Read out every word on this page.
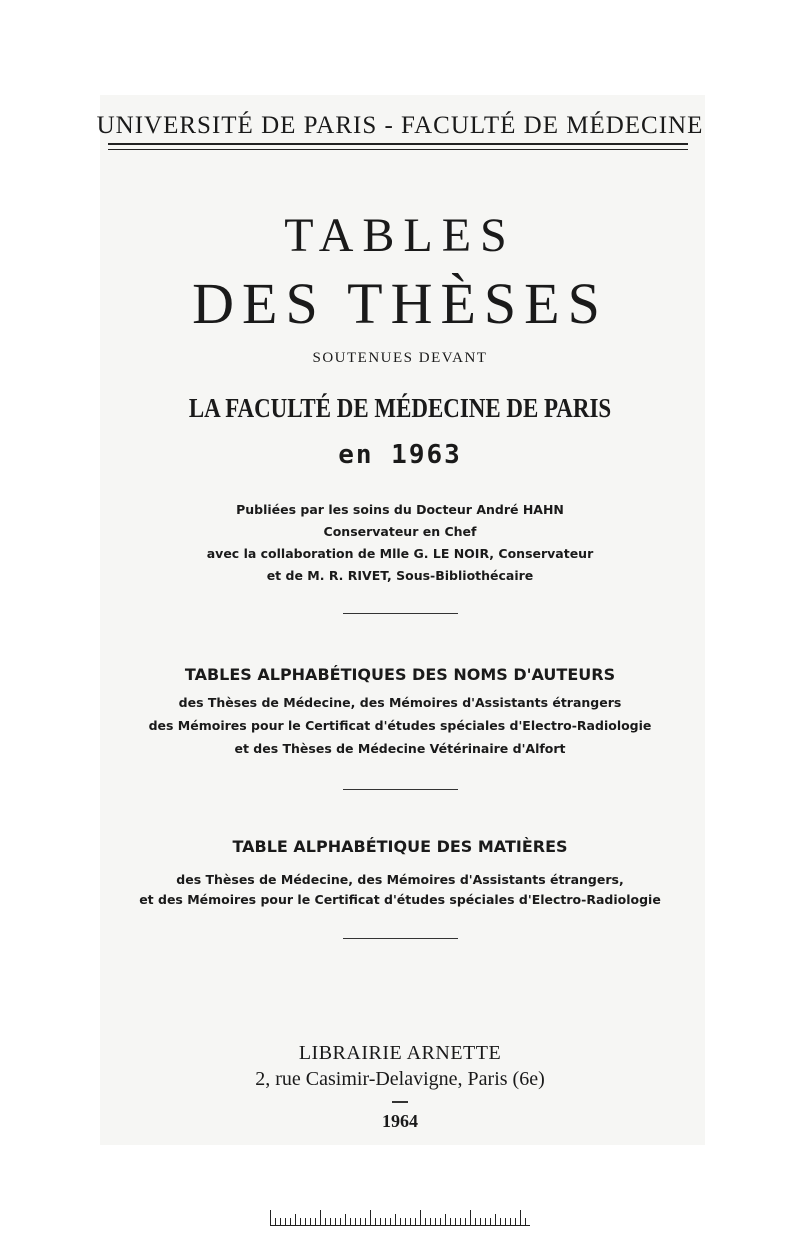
UNIVERSITÉ DE PARIS - FACULTÉ DE MÉDECINE
TABLES
DES THÈSES
SOUTENUES DEVANT
LA FACULTÉ DE MÉDECINE DE PARIS
en 1963
Publiées par les soins du Docteur André HAHN
Conservateur en Chef
avec la collaboration de Mlle G. LE NOIR, Conservateur
et de M. R. RIVET, Sous-Bibliothécaire
TABLES ALPHABÉTIQUES DES NOMS D'AUTEURS
des Thèses de Médecine, des Mémoires d'Assistants étrangers
des Mémoires pour le Certificat d'études spéciales d'Electro-Radiologie
et des Thèses de Médecine Vétérinaire d'Alfort
TABLE ALPHABÉTIQUE DES MATIÈRES
des Thèses de Médecine, des Mémoires d'Assistants étrangers,
et des Mémoires pour le Certificat d'études spéciales d'Electro-Radiologie
LIBRAIRIE ARNETTE
2, rue Casimir-Delavigne, Paris (6e)
1964
